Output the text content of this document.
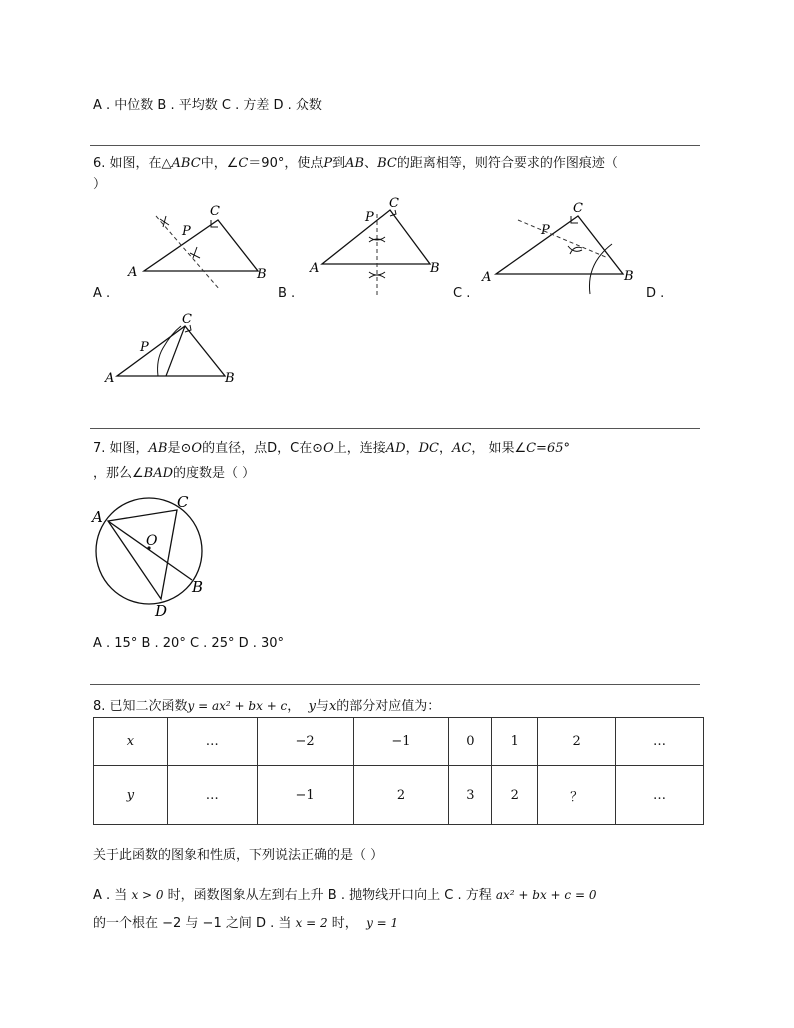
A . 中位数 B . 平均数 C . 方差 D . 众数
6. 如图，在△ABC中，∠C＝90°，使点P到AB、BC的距离相等，则符合要求的作图痕迹（
）
A	B
C
P
A .
A	B
C
P
B .
A	B
C
P
C .	D .
A	B
C
P
7. 如图，AB是⊙O的直径，点D，C在⊙O上，连接AD，DC，AC， 如果∠C=65°
，那么∠BAD的度数是（ ）
A
C
B
D
O
A . 15° B . 20° C . 25° D . 30°
8. 已知二次函数y = ax² + bx + c， y与x的部分对应值为：
x	…	−2	−1	0	1	2	…
y	…	−1	2	3	2	？	…
关于此函数的图象和性质，下列说法正确的是（ ）
A . 当 x > 0 时，函数图象从左到右上升 B . 抛物线开口向上 C . 方程 ax² + bx + c = 0
的一个根在 −2 与 −1 之间 D . 当 x = 2 时， y = 1
